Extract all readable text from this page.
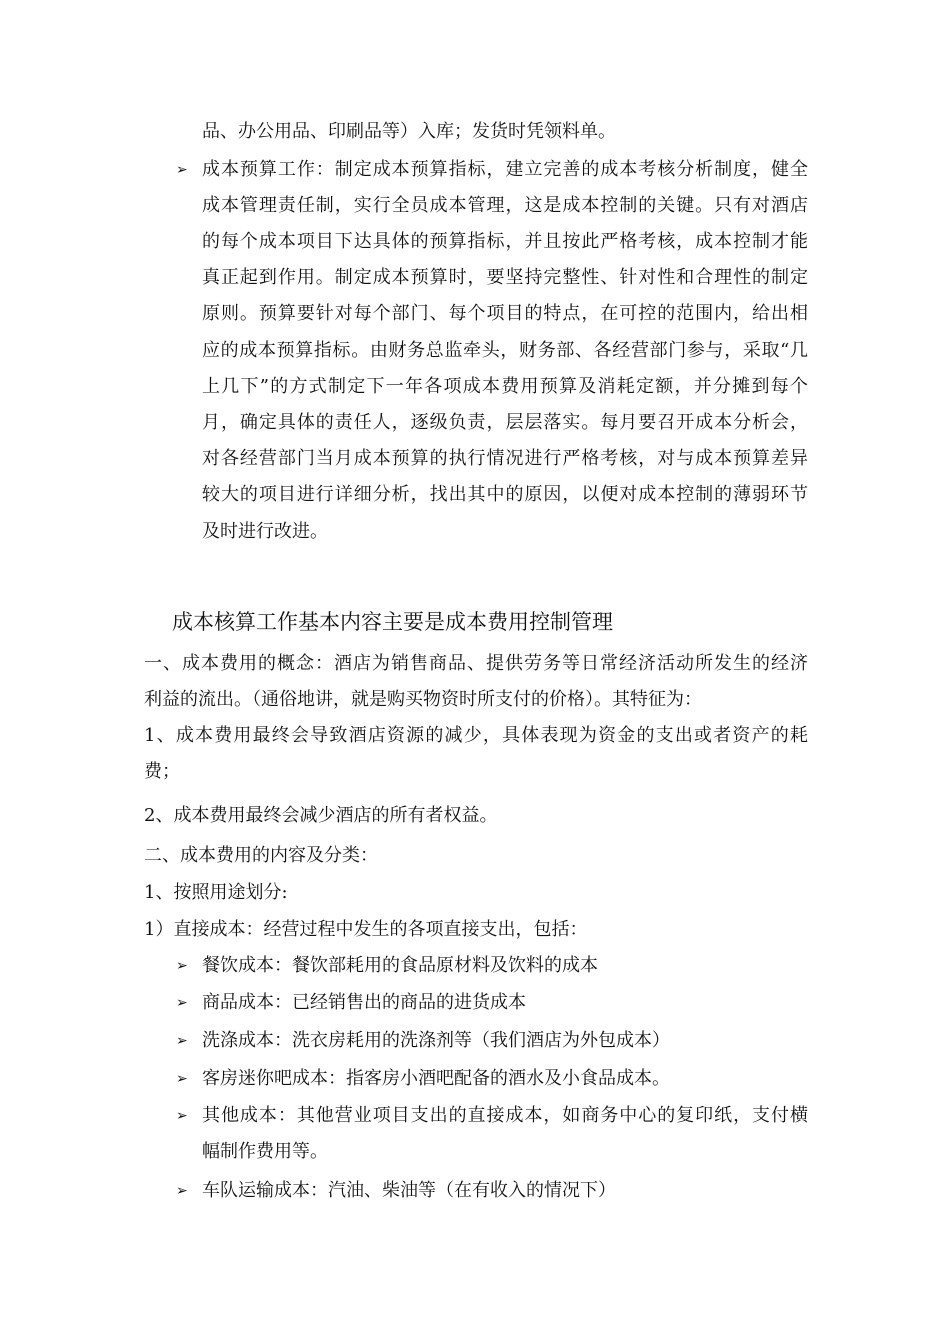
品、办公用品、印刷品等）入库；发货时凭领料单。
➢ 成本预算工作：制定成本预算指标，建立完善的成本考核分析制度，健全
成本管理责任制，实行全员成本管理，这是成本控制的关键。只有对酒店
的每个成本项目下达具体的预算指标，并且按此严格考核，成本控制才能
真正起到作用。制定成本预算时，要坚持完整性、针对性和合理性的制定
原则。预算要针对每个部门、每个项目的特点，在可控的范围内，给出相
应的成本预算指标。由财务总监牵头，财务部、各经营部门参与，采取“几
上几下”的方式制定下一年各项成本费用预算及消耗定额，并分摊到每个
月，确定具体的责任人，逐级负责，层层落实。每月要召开成本分析会，
对各经营部门当月成本预算的执行情况进行严格考核，对与成本预算差异
较大的项目进行详细分析，找出其中的原因，以便对成本控制的薄弱环节
及时进行改进。
成本核算工作基本内容主要是成本费用控制管理
一、成本费用的概念：酒店为销售商品、提供劳务等日常经济活动所发生的经济
利益的流出。（通俗地讲，就是购买物资时所支付的价格）。其特征为：
1、成本费用最终会导致酒店资源的减少，具体表现为资金的支出或者资产的耗
费；
2、成本费用最终会减少酒店的所有者权益。
二、成本费用的内容及分类：
1、按照用途划分:
1）直接成本：经营过程中发生的各项直接支出，包括：
➢ 餐饮成本：餐饮部耗用的食品原材料及饮料的成本
➢ 商品成本：已经销售出的商品的进货成本
➢ 洗涤成本：洗衣房耗用的洗涤剂等（我们酒店为外包成本）
➢ 客房迷你吧成本：指客房小酒吧配备的酒水及小食品成本。
➢ 其他成本：其他营业项目支出的直接成本，如商务中心的复印纸，支付横
幅制作费用等。
➢ 车队运输成本：汽油、柴油等（在有收入的情况下）
